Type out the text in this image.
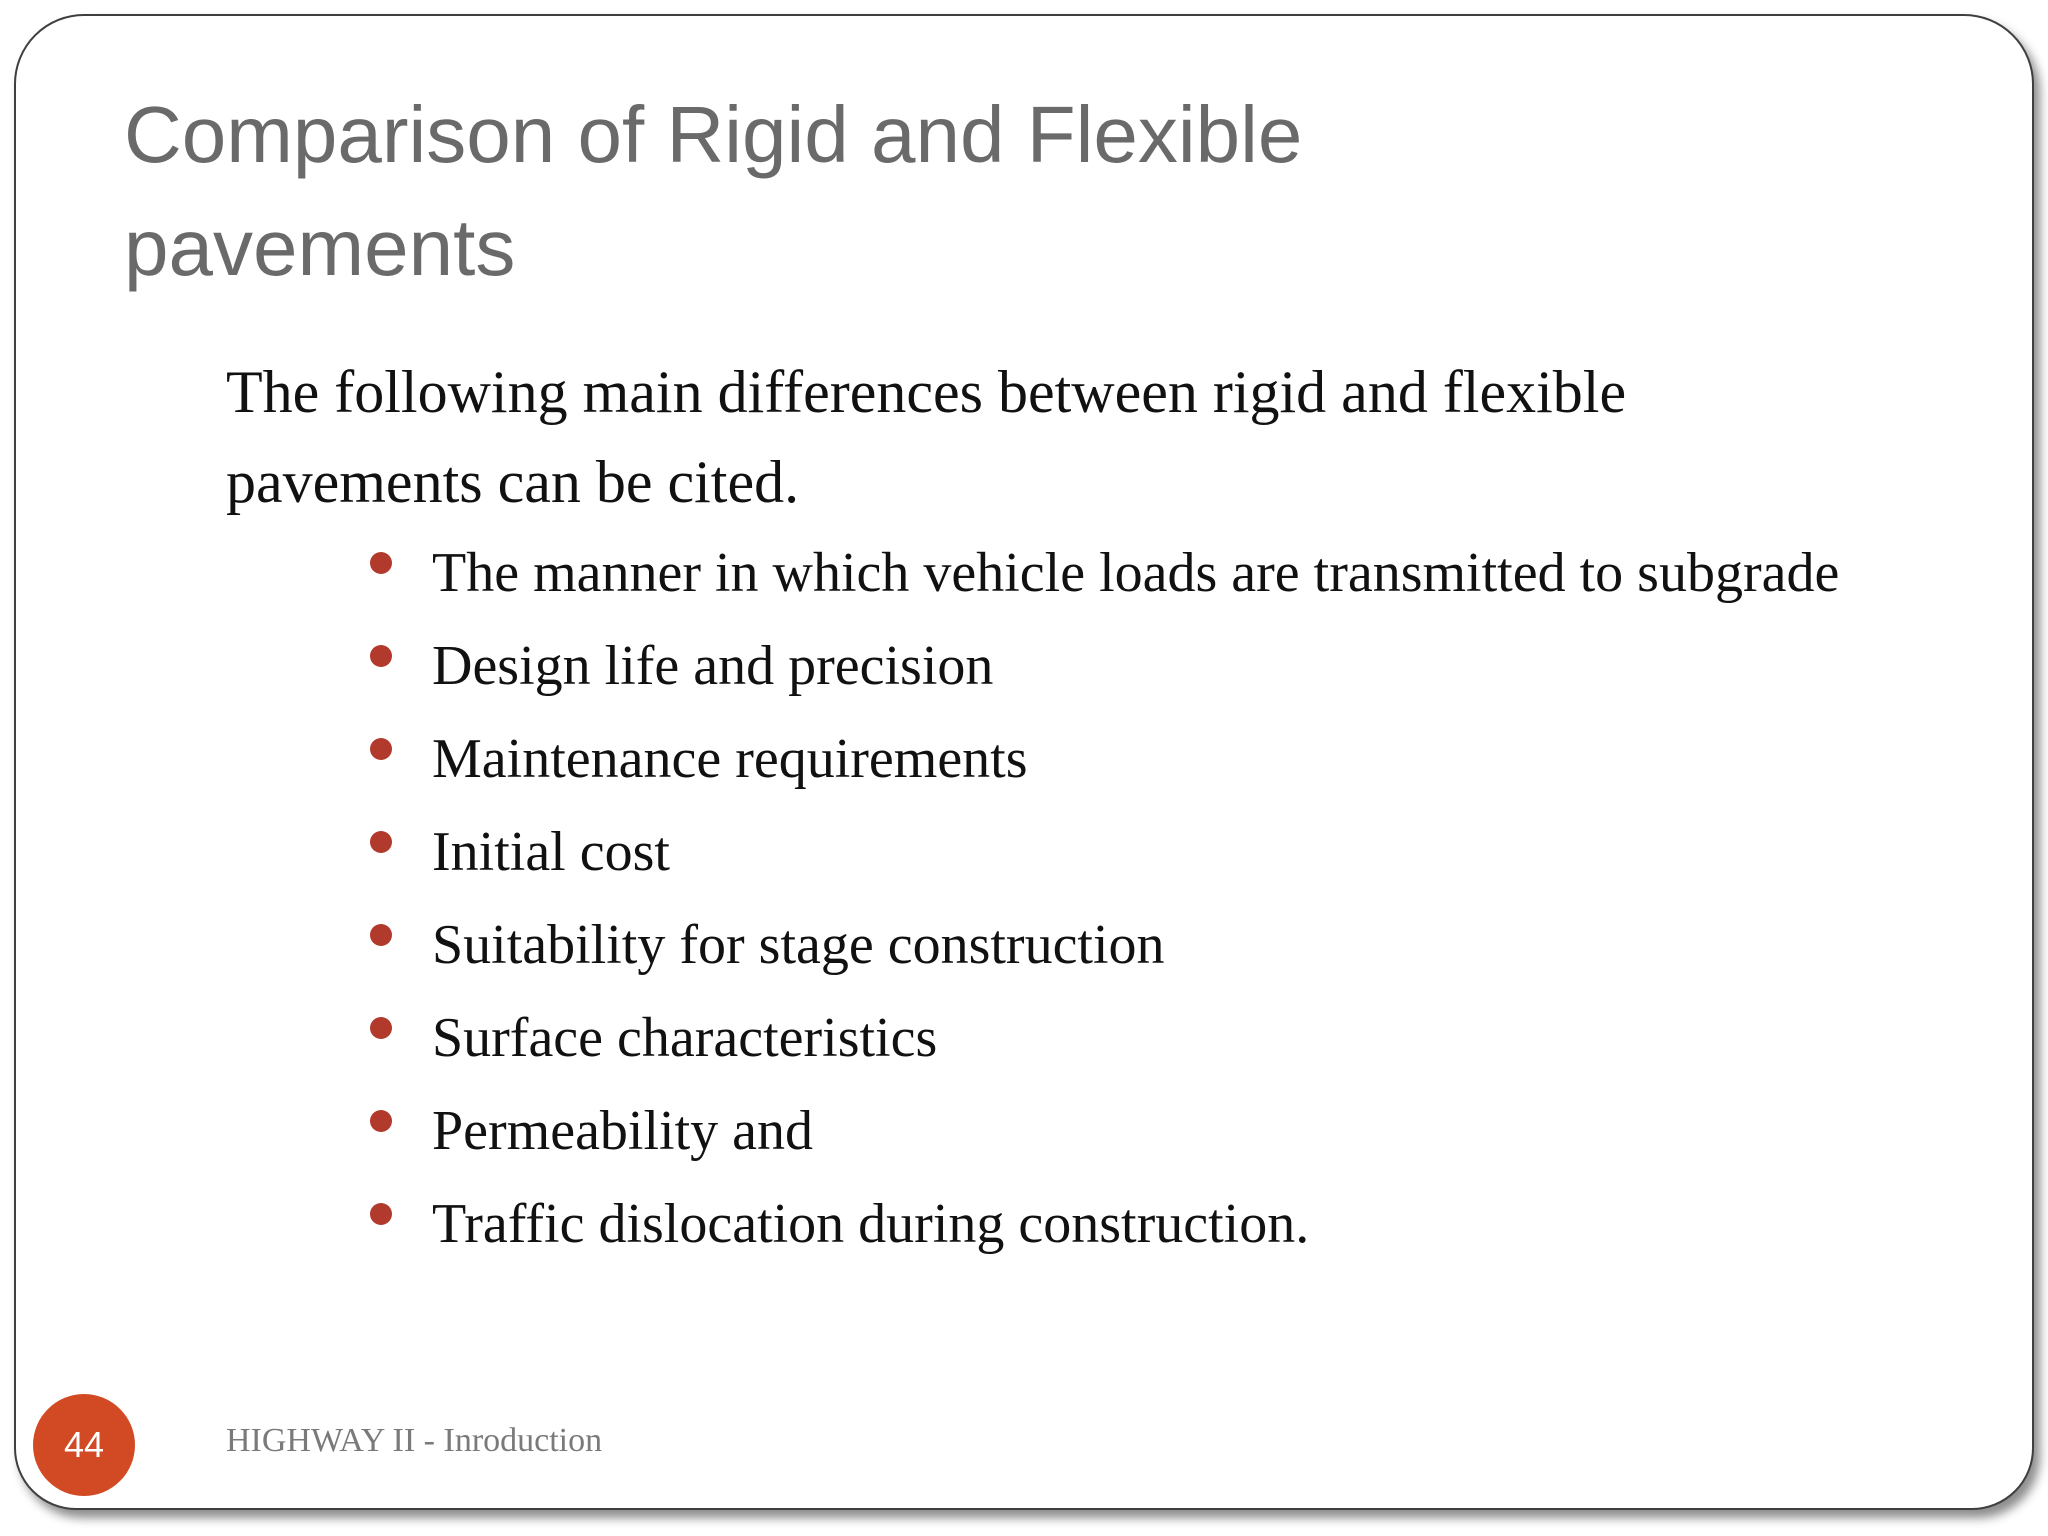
Comparison of Rigid and Flexible pavements

The following main differences between rigid and flexible pavements can be cited.

The manner in which vehicle loads are transmitted to subgrade
Design life and precision
Maintenance requirements
Initial cost
Suitability for stage construction
Surface characteristics
Permeability and
Traffic dislocation during construction.
44	HIGHWAY II - Inroduction
